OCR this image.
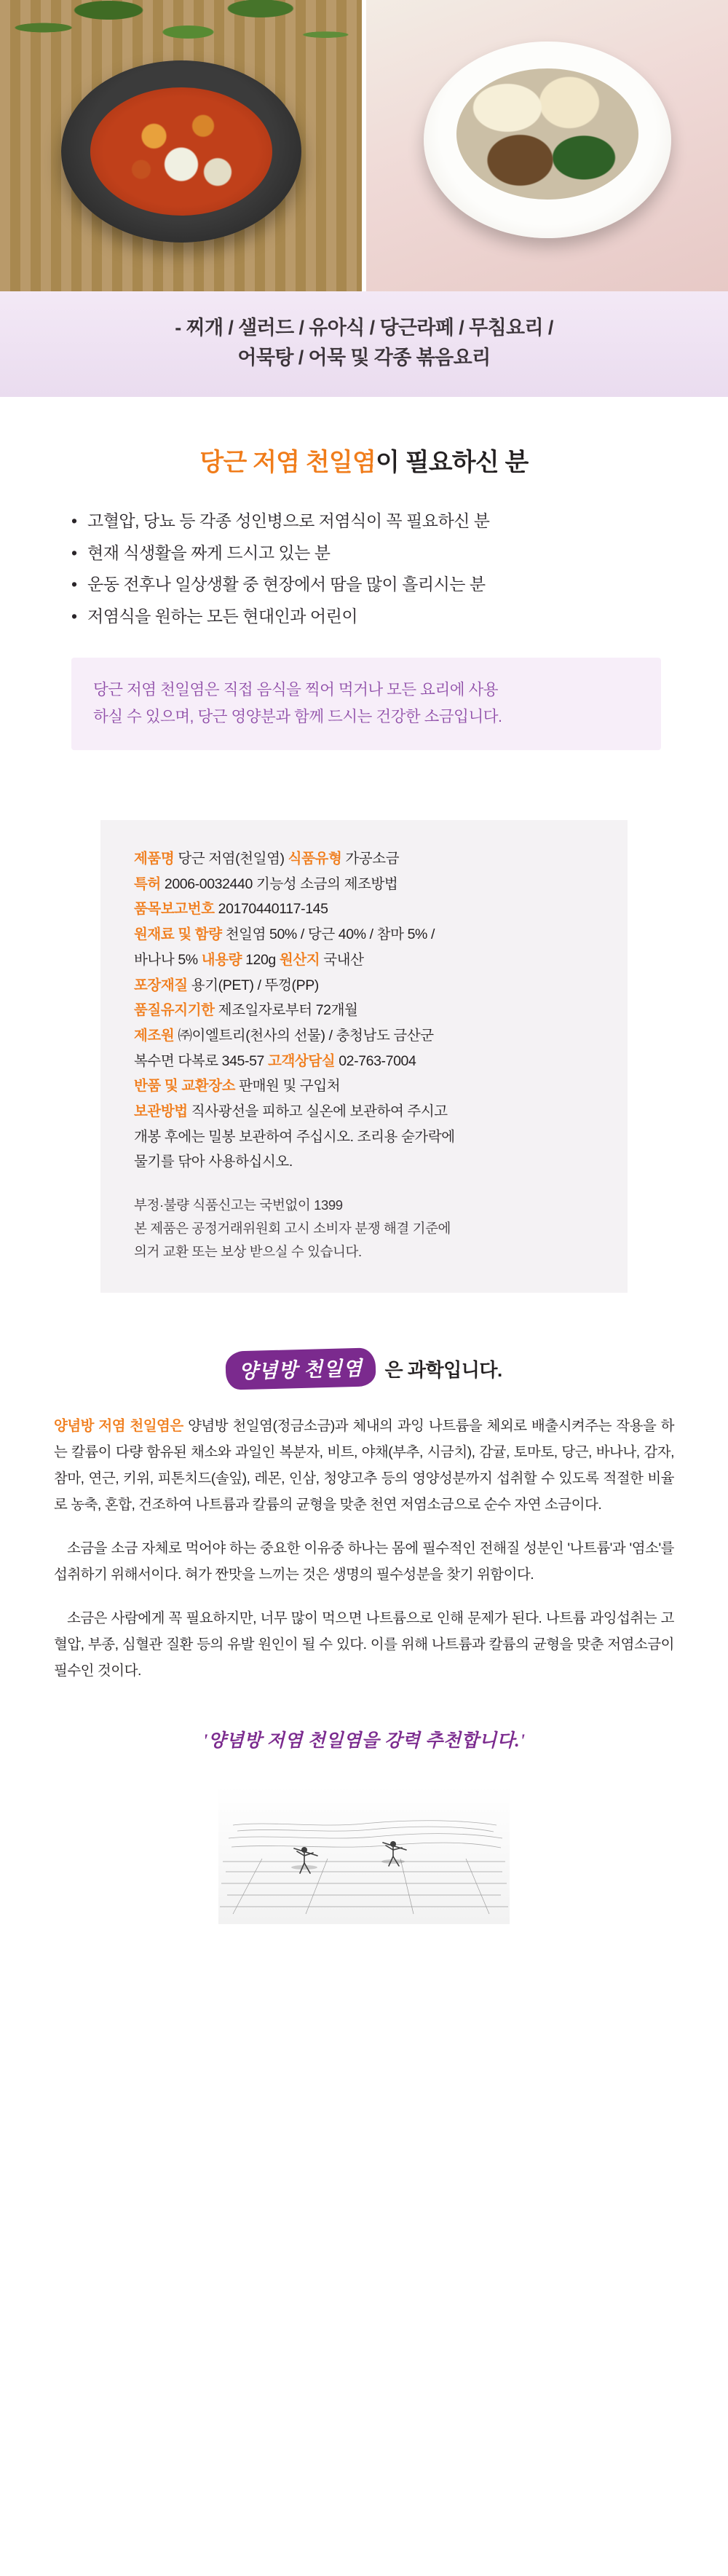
- 찌개 / 샐러드 / 유아식 / 당근라페 / 무침요리 /

어묵탕 / 어묵 및 각종 볶음요리

당근 저염 천일염이 필요하신 분
• 고혈압, 당뇨 등 각종 성인병으로 저염식이 꼭 필요하신 분
• 현재 식생활을 짜게 드시고 있는 분
• 운동 전후나 일상생활 중 현장에서 땀을 많이 흘리시는 분
• 저염식을 원하는 모든 현대인과 어린이
당근 저염 천일염은 직접 음식을 찍어 먹거나 모든 요리에 사용
하실 수 있으며, 당근 영양분과 함께 드시는 건강한 소금입니다.
제품명 당근 저염(천일염) 식품유형 가공소금
특허 2006-0032440 기능성 소금의 제조방법
품목보고번호 20170440117-145
원재료 및 함량 천일염 50% / 당근 40% / 참마 5% /
바나나 5% 내용량 120g 원산지 국내산
포장재질 용기(PET) / 뚜껑(PP)
품질유지기한 제조일자로부터 72개월
제조원 ㈜이엘트리(천사의 선물) / 충청남도 금산군
복수면 다복로 345-57 고객상담실 02-763-7004
반품 및 교환장소 판매원 및 구입처
보관방법 직사광선을 피하고 실온에 보관하여 주시고
개봉 후에는 밀봉 보관하여 주십시오. 조리용 숟가락에
물기를 닦아 사용하십시오.
부정·불량 식품신고는 국번없이 1399
본 제품은 공정거래위원회 고시 소비자 분쟁 해결 기준에
의거 교환 또는 보상 받으실 수 있습니다.
양념방 천일염 은 과학입니다.

양념방 저염 천일염은 양념방 천일염(정금소금)과 체내의 과잉 나트륨을 체외로 배출시켜주는 작용을 하는 칼륨이 다량 함유된 채소와 과일인 복분자, 비트, 야채(부추, 시금치), 감귤, 토마토, 당근, 바나나, 감자, 참마, 연근, 키위, 피톤치드(솔잎), 레몬, 인삼, 청양고추 등의 영양성분까지 섭취할 수 있도록 적절한 비율로 농축, 혼합, 건조하여 나트륨과 칼륨의 균형을 맞춘 천연 저염소금으로 순수 자연 소금이다.

소금을 소금 자체로 먹어야 하는 중요한 이유중 하나는 몸에 필수적인 전해질 성분인 '나트륨'과 '염소'를 섭취하기 위해서이다. 혀가 짠맛을 느끼는 것은 생명의 필수성분을 찾기 위함이다.

소금은 사람에게 꼭 필요하지만, 너무 많이 먹으면 나트륨으로 인해 문제가 된다. 나트륨 과잉섭취는 고혈압, 부종, 심혈관 질환 등의 유발 원인이 될 수 있다. 이를 위해 나트륨과 칼륨의 균형을 맞춘 저염소금이 필수인 것이다.

'양념방 저염 천일염을 강력 추천합니다.'
